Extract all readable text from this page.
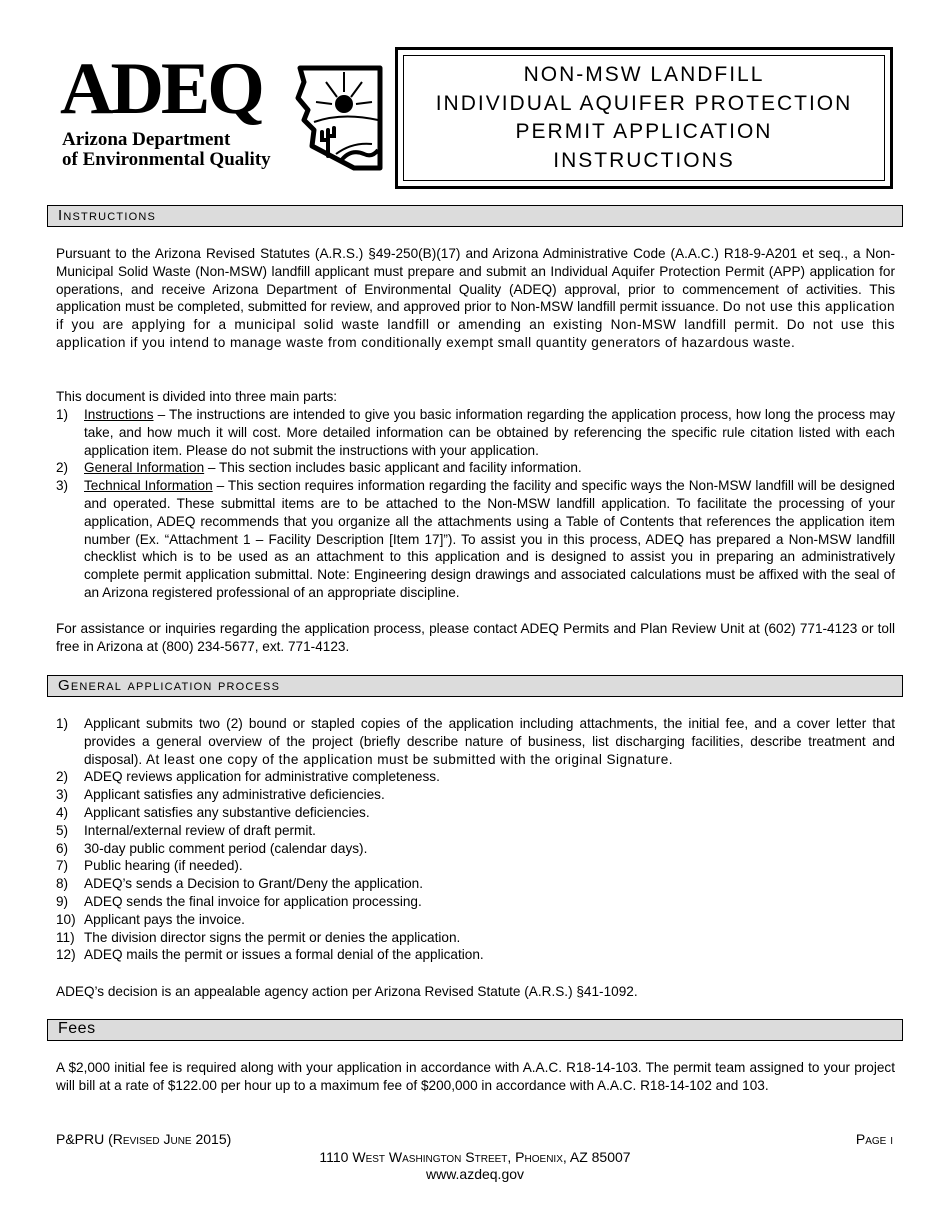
ADEQ
Arizona Department
of Environmental Quality
NON-MSW LANDFILL
INDIVIDUAL AQUIFER PROTECTION
PERMIT APPLICATION
INSTRUCTIONS
Instructions
Pursuant to the Arizona Revised Statutes (A.R.S.) §49-250(B)(17) and Arizona Administrative Code (A.A.C.) R18-9-A201 et seq., a Non-Municipal Solid Waste (Non-MSW) landfill applicant must prepare and submit an Individual Aquifer Protection Permit (APP) application for operations, and receive Arizona Department of Environmental Quality (ADEQ) approval, prior to commencement of activities. This application must be completed, submitted for review, and approved prior to Non-MSW landfill permit issuance. Do not use this application if you are applying for a municipal solid waste landfill or amending an existing Non-MSW landfill permit. Do not use this application if you intend to manage waste from conditionally exempt small quantity generators of hazardous waste.
This document is divided into three main parts:
1) Instructions – The instructions are intended to give you basic information regarding the application process, how long the process may take, and how much it will cost. More detailed information can be obtained by referencing the specific rule citation listed with each application item. Please do not submit the instructions with your application.
2) General Information – This section includes basic applicant and facility information.
3) Technical Information – This section requires information regarding the facility and specific ways the Non-MSW landfill will be designed and operated. These submittal items are to be attached to the Non-MSW landfill application. To facilitate the processing of your application, ADEQ recommends that you organize all the attachments using a Table of Contents that references the application item number (Ex. “Attachment 1 – Facility Description [Item 17]”). To assist you in this process, ADEQ has prepared a Non-MSW landfill checklist which is to be used as an attachment to this application and is designed to assist you in preparing an administratively complete permit application submittal. Note: Engineering design drawings and associated calculations must be affixed with the seal of an Arizona registered professional of an appropriate discipline.
For assistance or inquiries regarding the application process, please contact ADEQ Permits and Plan Review Unit at (602) 771-4123 or toll free in Arizona at (800) 234-5677, ext. 771-4123.
General application process
1) Applicant submits two (2) bound or stapled copies of the application including attachments, the initial fee, and a cover letter that provides a general overview of the project (briefly describe nature of business, list discharging facilities, describe treatment and disposal). At least one copy of the application must be submitted with the original Signature.
2) ADEQ reviews application for administrative completeness.
3) Applicant satisfies any administrative deficiencies.
4) Applicant satisfies any substantive deficiencies.
5) Internal/external review of draft permit.
6) 30-day public comment period (calendar days).
7) Public hearing (if needed).
8) ADEQ’s sends a Decision to Grant/Deny the application.
9) ADEQ sends the final invoice for application processing.
10) Applicant pays the invoice.
11) The division director signs the permit or denies the application.
12) ADEQ mails the permit or issues a formal denial of the application.
ADEQ’s decision is an appealable agency action per Arizona Revised Statute (A.R.S.) §41-1092.
Fees
A $2,000 initial fee is required along with your application in accordance with A.A.C. R18-14-103. The permit team assigned to your project will bill at a rate of $122.00 per hour up to a maximum fee of $200,000 in accordance with A.A.C. R18-14-102 and 103.
P&PRU (Revised June 2015)	Page i
1110 West Washington Street, Phoenix, AZ 85007
www.azdeq.gov
